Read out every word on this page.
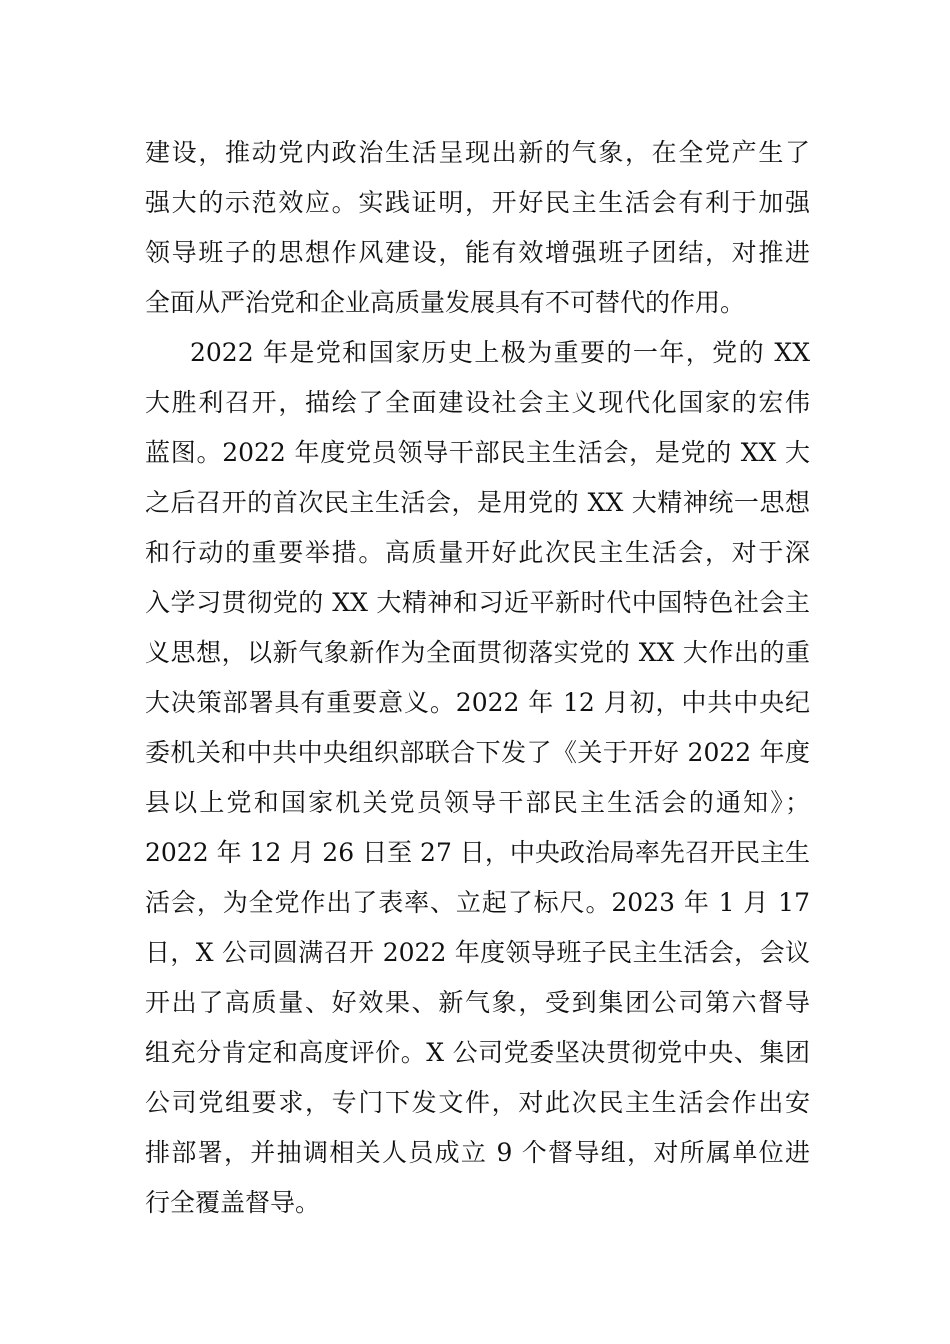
建设，推动党内政治生活呈现出新的气象，在全党产生了
强大的示范效应。实践证明，开好民主生活会有利于加强
领导班子的思想作风建设，能有效增强班子团结，对推进
全面从严治党和企业高质量发展具有不可替代的作用。
2022 年是党和国家历史上极为重要的一年，党的 XX
大胜利召开，描绘了全面建设社会主义现代化国家的宏伟
蓝图。2022 年度党员领导干部民主生活会，是党的 XX 大
之后召开的首次民主生活会，是用党的 XX 大精神统一思想
和行动的重要举措。高质量开好此次民主生活会，对于深
入学习贯彻党的 XX 大精神和习近平新时代中国特色社会主
义思想，以新气象新作为全面贯彻落实党的 XX 大作出的重
大决策部署具有重要意义。2022 年 12 月初，中共中央纪
委机关和中共中央组织部联合下发了《关于开好 2022 年度
县以上党和国家机关党员领导干部民主生活会的通知》；
2022 年 12 月 26 日至 27 日，中央政治局率先召开民主生
活会，为全党作出了表率、立起了标尺。2023 年 1 月 17
日，X 公司圆满召开 2022 年度领导班子民主生活会，会议
开出了高质量、好效果、新气象，受到集团公司第六督导
组充分肯定和高度评价。X 公司党委坚决贯彻党中央、集团
公司党组要求，专门下发文件，对此次民主生活会作出安
排部署，并抽调相关人员成立 9 个督导组，对所属单位进
行全覆盖督导。
